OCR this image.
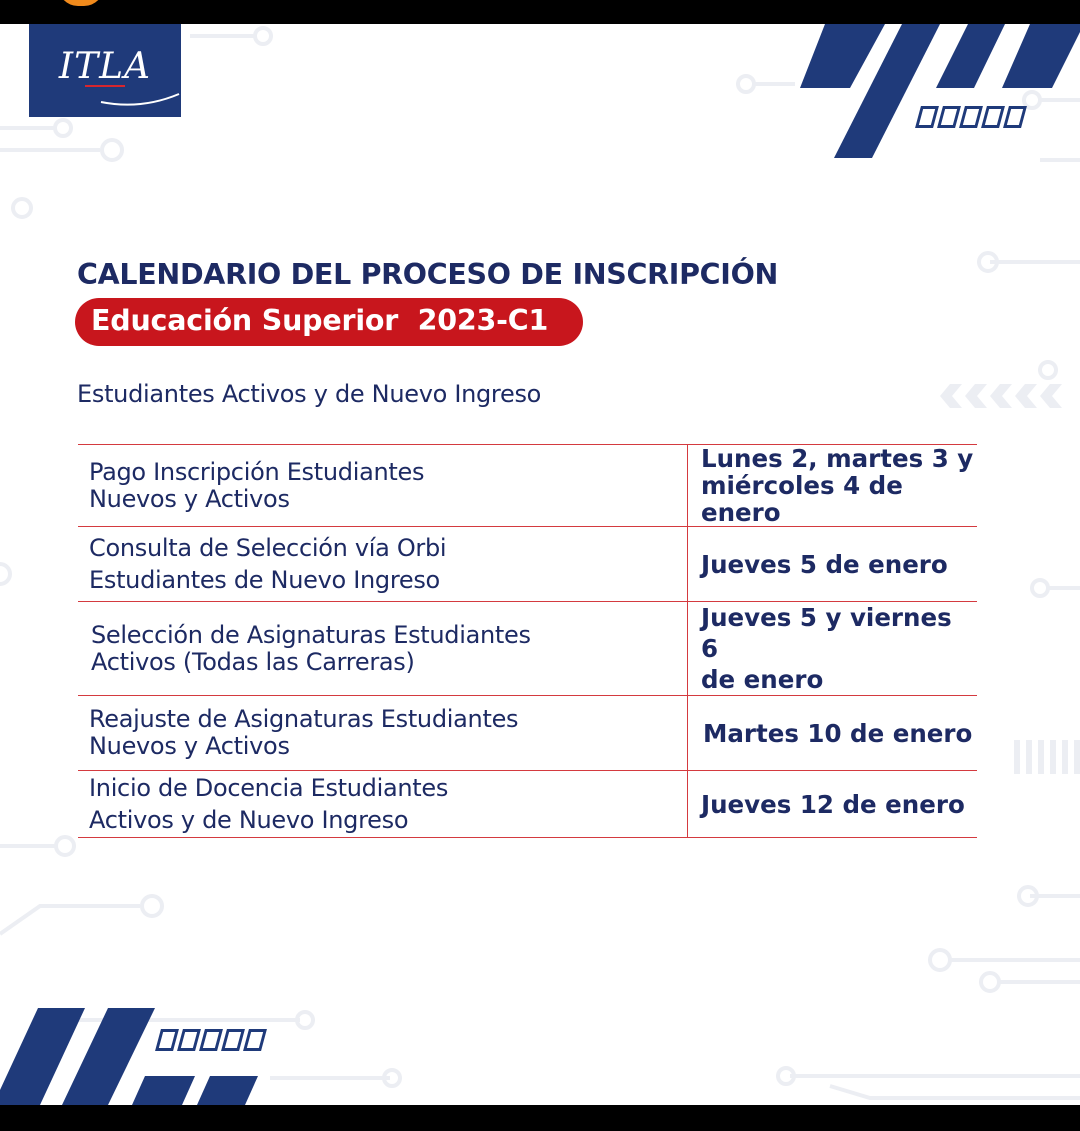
ITLA
CALENDARIO DEL PROCESO DE INSCRIPCIÓN
Educación Superior  2023-C1
Estudiantes Activos y de Nuevo Ingreso
Pago Inscripción Estudiantes
Nuevos y Activos	Lunes 2, martes 3 y
miércoles 4 de enero
Consulta de Selección vía Orbi
Estudiantes de Nuevo Ingreso	Jueves 5 de enero
Selección de Asignaturas Estudiantes
Activos (Todas las Carreras)	Jueves 5 y viernes 6
de enero
Reajuste de Asignaturas Estudiantes
Nuevos y Activos	Martes 10 de enero
Inicio de Docencia Estudiantes
Activos y de Nuevo Ingreso	Jueves 12 de enero
